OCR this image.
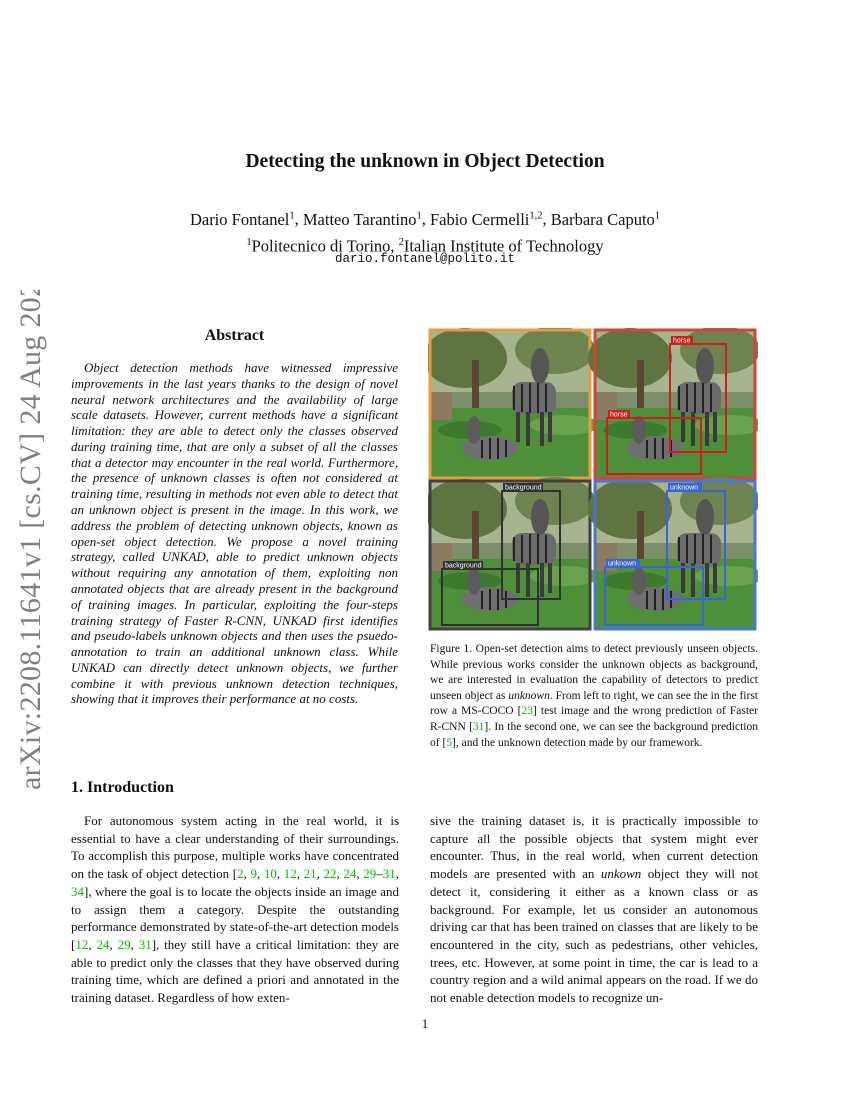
arXiv:2208.11641v1 [cs.CV] 24 Aug 2022
Detecting the unknown in Object Detection
Dario Fontanel$^1$, Matteo Tarantino$^1$, Fabio Cermelli$^{1,2}$, Barbara Caputo$^1$
$^1$Politecnico di Torino, $^2$Italian Institute of Technology
dario.fontanel@polito.it
Abstract
Object detection methods have witnessed impressive improvements in the last years thanks to the design of novel neural network architectures and the availability of large scale datasets. However, current methods have a significant limitation: they are able to detect only the classes observed during training time, that are only a subset of all the classes that a detector may encounter in the real world. Furthermore, the presence of unknown classes is often not considered at training time, resulting in methods not even able to detect that an unknown object is present in the image. In this work, we address the problem of detecting unknown objects, known as open-set object detection. We propose a novel training strategy, called UNKAD, able to predict unknown objects without requiring any annotation of them, exploiting non annotated objects that are already present in the background of training images. In particular, exploiting the four-steps training strategy of Faster R-CNN, UNKAD first identifies and pseudo-labels unknown objects and then uses the psuedo-annotation to train an additional unknown class. While UNKAD can directly detect unknown objects, we further combine it with previous unknown detection techniques, showing that it improves their performance at no costs.
horse
horse
background
background
unknown
unknown
Figure 1. Open-set detection aims to detect previously unseen objects. While previous works consider the unknown objects as background, we are interested in evaluation the capability of detectors to predict unseen object as unknown. From left to right, we can see the in the first row a MS-COCO [23] test image and the wrong prediction of Faster R-CNN [31]. In the second one, we can see the background prediction of [5], and the unknown detection made by our framework.
1. Introduction
For autonomous system acting in the real world, it is essential to have a clear understanding of their surroundings. To accomplish this purpose, multiple works have concentrated on the task of object detection [2, 9, 10, 12, 21, 22, 24, 29–31, 34], where the goal is to locate the objects inside an image and to assign them a category. Despite the outstanding performance demonstrated by state-of-the-art detection models [12, 24, 29, 31], they still have a critical limitation: they are able to predict only the classes that they have observed during training time, which are defined a priori and annotated in the training dataset. Regardless of how exten-
sive the training dataset is, it is practically impossible to capture all the possible objects that system might ever encounter. Thus, in the real world, when current detection models are presented with an unkown object they will not detect it, considering it either as a known class or as background. For example, let us consider an autonomous driving car that has been trained on classes that are likely to be encountered in the city, such as pedestrians, other vehicles, trees, etc. However, at some point in time, the car is lead to a country region and a wild animal appears on the road. If we do not enable detection models to recognize un-
1
